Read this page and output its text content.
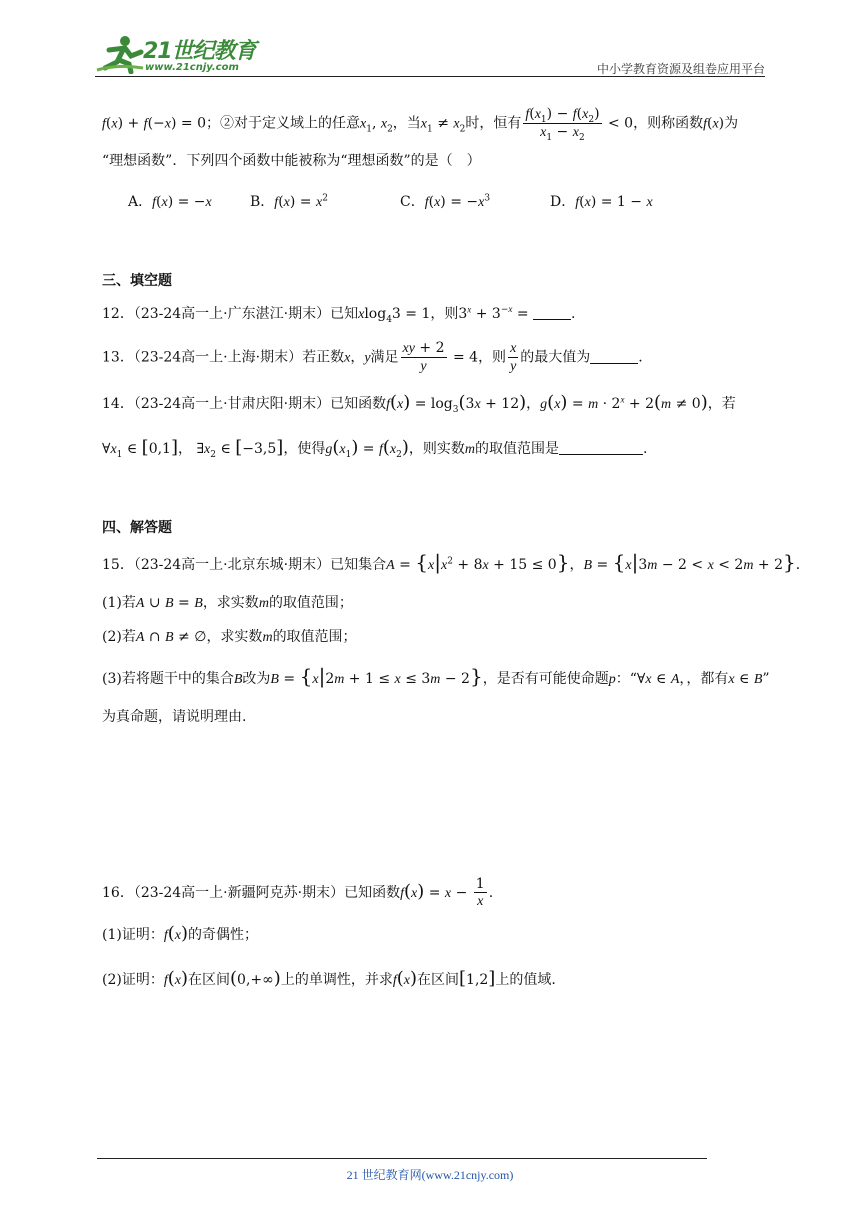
21世纪教育
www.21cnjy.com	中小学教育资源及组卷应用平台
f(x) + f(−x) = 0；②对于定义域上的任意$x_1$, $x_2$，当$x_1 \ne x_2$时，恒有 $\frac{f(x_1) - f(x_2)}{x_1 - x_2} < 0$，则称函数f(x)为
“理想函数”．下列四个函数中能被称为“理想函数”的是（　）
A．f(x) = −x	B．$f(x) = x^2$	C．$f(x) = -x^3$	D．f(x) = 1 − x
三、填空题
12．（23-24高一上·广东湛江·期末）已知xlog$_4$3 = 1，则$3^x + 3^{-x}$ =	.
13．（23-24高一上·上海·期末）若正数x，y满足 $\frac{xy + 2}{y} = 4$，则 $\frac{x}{y}$ 的最大值为	.
14．（23-24高一上·甘肃庆阳·期末）已知函数$f(x) = \log_3(3x + 12)$，$g(x) = m \cdot 2^x + 2(m \ne 0)$，若
$\forall x_1$ ∈ [0,1]， $\exists x_2$ ∈ [−3,5]，使得$g(x_1) = f(x_2)$，则实数m的取值范围是	.
四、解答题
15．（23-24高一上·北京东城·期末）已知集合$A = \{x|x^2 + 8x + 15 \le 0\}$，B = {x|3m − 2 < x < 2m + 2}．
(1)若A ∪ B = B，求实数m的取值范围；
(2)若A ∩ B ≠ ∅，求实数m的取值范围；
(3)若将题干中的集合B改为B = {x|2m + 1 ≤ x ≤ 3m − 2}，是否有可能使命题p：“∀x ∈ A，，都有x ∈ B”
为真命题，请说明理由.
16．（23-24高一上·新疆阿克苏·期末）已知函数$f(x) = x - \frac{1}{x}$ .
(1)证明：f(x)的奇偶性；
(2)证明：f(x)在区间(0,+∞)上的单调性，并求f(x)在区间[1,2]上的值域.
21 世纪教育网(www.21cnjy.com)
